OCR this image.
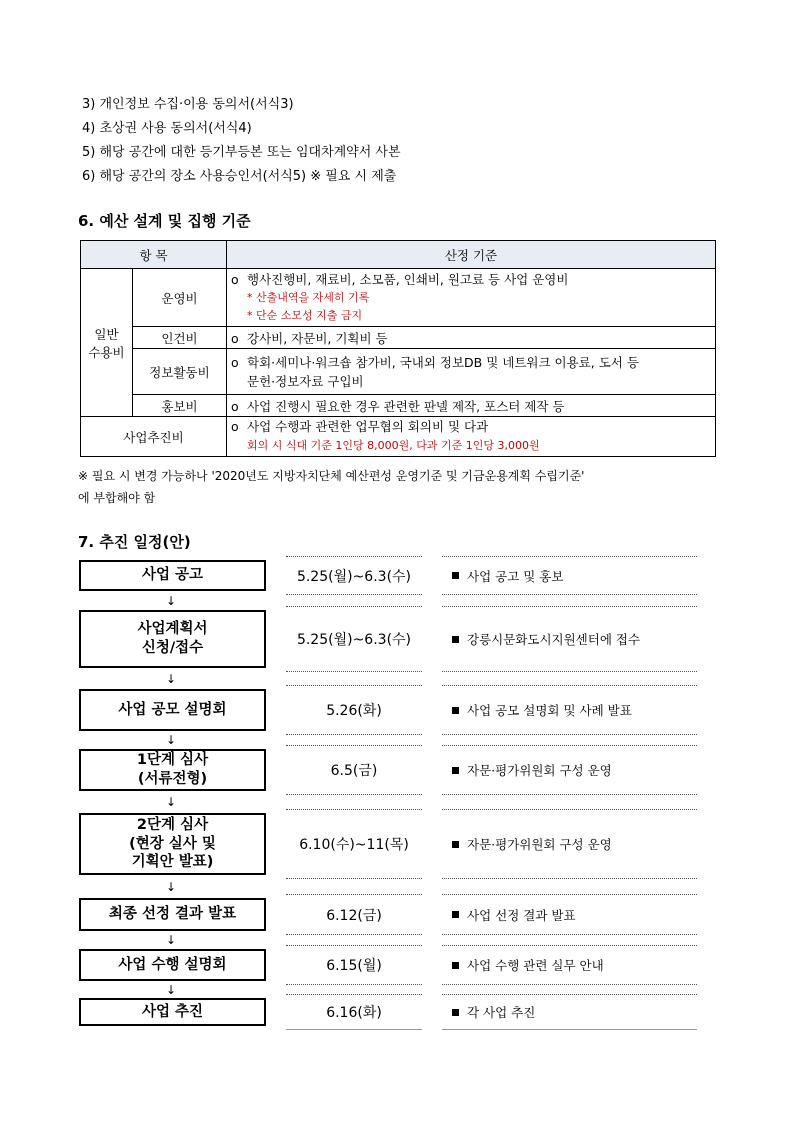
3) 개인정보 수집·이용 동의서(서식3)
4) 초상권 사용 동의서(서식4)
5) 해당 공간에 대한 등기부등본 또는 임대차계약서 사본
6) 해당 공간의 장소 사용승인서(서식5) ※ 필요 시 제출
6. 예산 설계 및 집행 기준
항 목		산정 기준
일반
수용비	운영비	o 행사진행비, 재료비, 소모품, 인쇄비, 원고료 등 사업 운영비
* 산출내역을 자세히 기록
* 단순 소모성 지출 금지
	인건비	o 강사비, 자문비, 기획비 등
	정보활동비	o 학회·세미나·워크숍 참가비, 국내외 정보DB 및 네트워크 이용료, 도서 등
문헌·정보자료 구입비
	홍보비	o 사업 진행시 필요한 경우 관련한 판넬 제작, 포스터 제작 등
사업추진비		o 사업 수행과 관련한 업무협의 회의비 및 다과
회의 시 식대 기준 1인당 8,000원, 다과 기준 1인당 3,000원
※ 필요 시 변경 가능하나 '2020년도 지방자치단체 예산편성 운영기준 및 기금운용계획 수립기준'
에 부합해야 함
7. 추진 일정(안)
사업 공고	5.25(월)~6.3(수)	사업 공고 및 홍보
↓
사업계획서
신청/접수	5.25(월)~6.3(수)	강릉시문화도시지원센터에 접수
↓
사업 공모 설명회	5.26(화)	사업 공모 설명회 및 사례 발표
↓
1단계 심사
(서류전형)	6.5(금)	자문·평가위원회 구성 운영
↓
2단계 심사
(현장 실사 및
기획안 발표)
6.10(수)~11(목)	자문·평가위원회 구성 운영
↓
최종 선정 결과 발표	6.12(금)	사업 선정 결과 발표
↓
사업 수행 설명회	6.15(월)	사업 수행 관련 실무 안내
↓
사업 추진	6.16(화)	각 사업 추진
